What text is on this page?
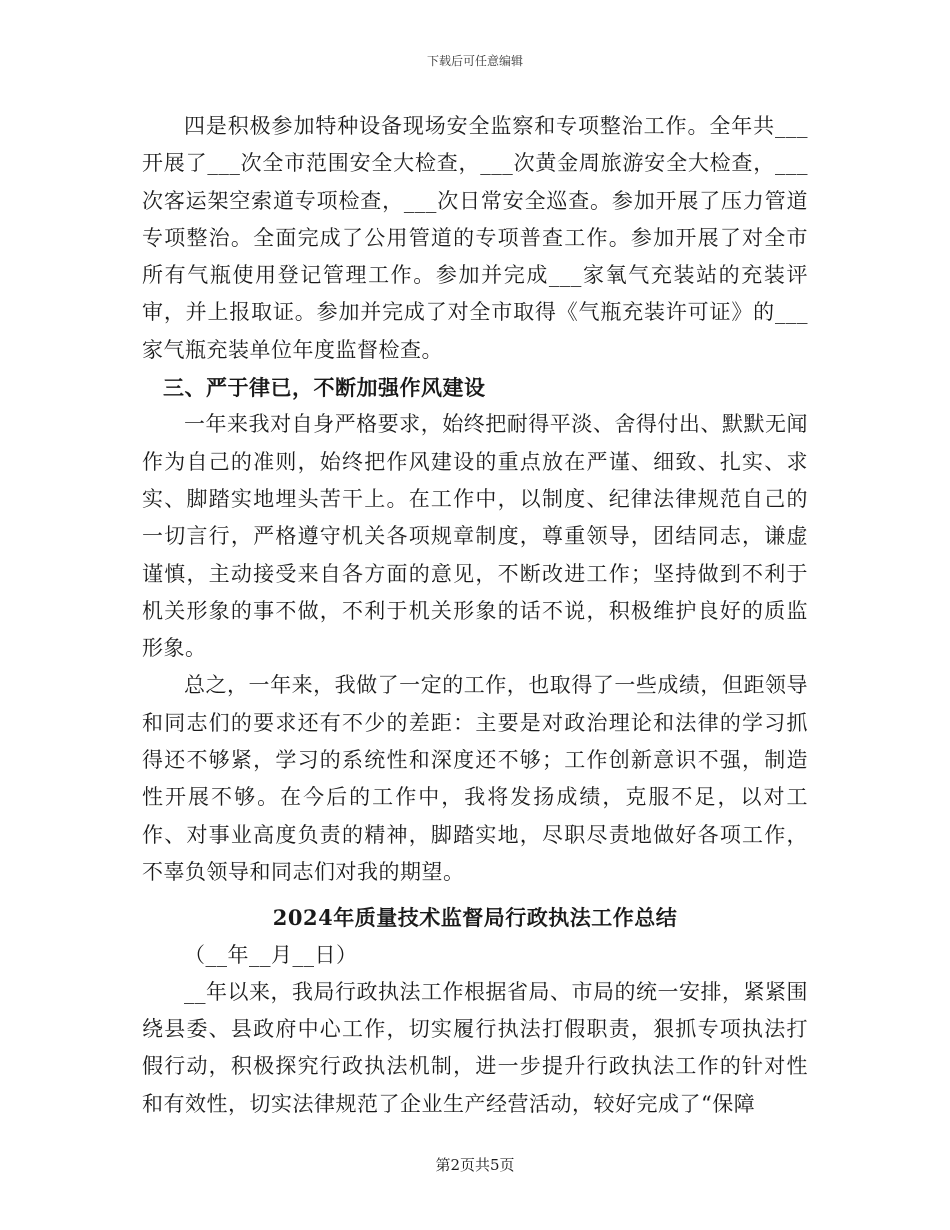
下载后可任意编辑

四是积极参加特种设备现场安全监察和专项整治工作。全年共___开展了___次全市范围安全大检查，___次黄金周旅游安全大检查，___次客运架空索道专项检查，___次日常安全巡查。参加开展了压力管道专项整治。全面完成了公用管道的专项普查工作。参加开展了对全市所有气瓶使用登记管理工作。参加并完成___家氧气充装站的充装评审，并上报取证。参加并完成了对全市取得《气瓶充装许可证》的___家气瓶充装单位年度监督检查。

三、严于律已，不断加强作风建设

一年来我对自身严格要求，始终把耐得平淡、舍得付出、默默无闻作为自己的准则，始终把作风建设的重点放在严谨、细致、扎实、求实、脚踏实地埋头苦干上。在工作中，以制度、纪律法律规范自己的一切言行，严格遵守机关各项规章制度，尊重领导，团结同志，谦虚谨慎，主动接受来自各方面的意见，不断改进工作；坚持做到不利于机关形象的事不做，不利于机关形象的话不说，积极维护良好的质监形象。

总之，一年来，我做了一定的工作，也取得了一些成绩，但距领导和同志们的要求还有不少的差距：主要是对政治理论和法律的学习抓得还不够紧，学习的系统性和深度还不够；工作创新意识不强，制造性开展不够。在今后的工作中，我将发扬成绩，克服不足，以对工作、对事业高度负责的精神，脚踏实地，尽职尽责地做好各项工作，不辜负领导和同志们对我的期望。

2024年质量技术监督局行政执法工作总结

（__年__月__日）

__年以来，我局行政执法工作根据省局、市局的统一安排，紧紧围绕县委、县政府中心工作，切实履行执法打假职责，狠抓专项执法打假行动，积极探究行政执法机制，进一步提升行政执法工作的针对性和有效性，切实法律规范了企业生产经营活动，较好完成了“保障

第2页共5页
